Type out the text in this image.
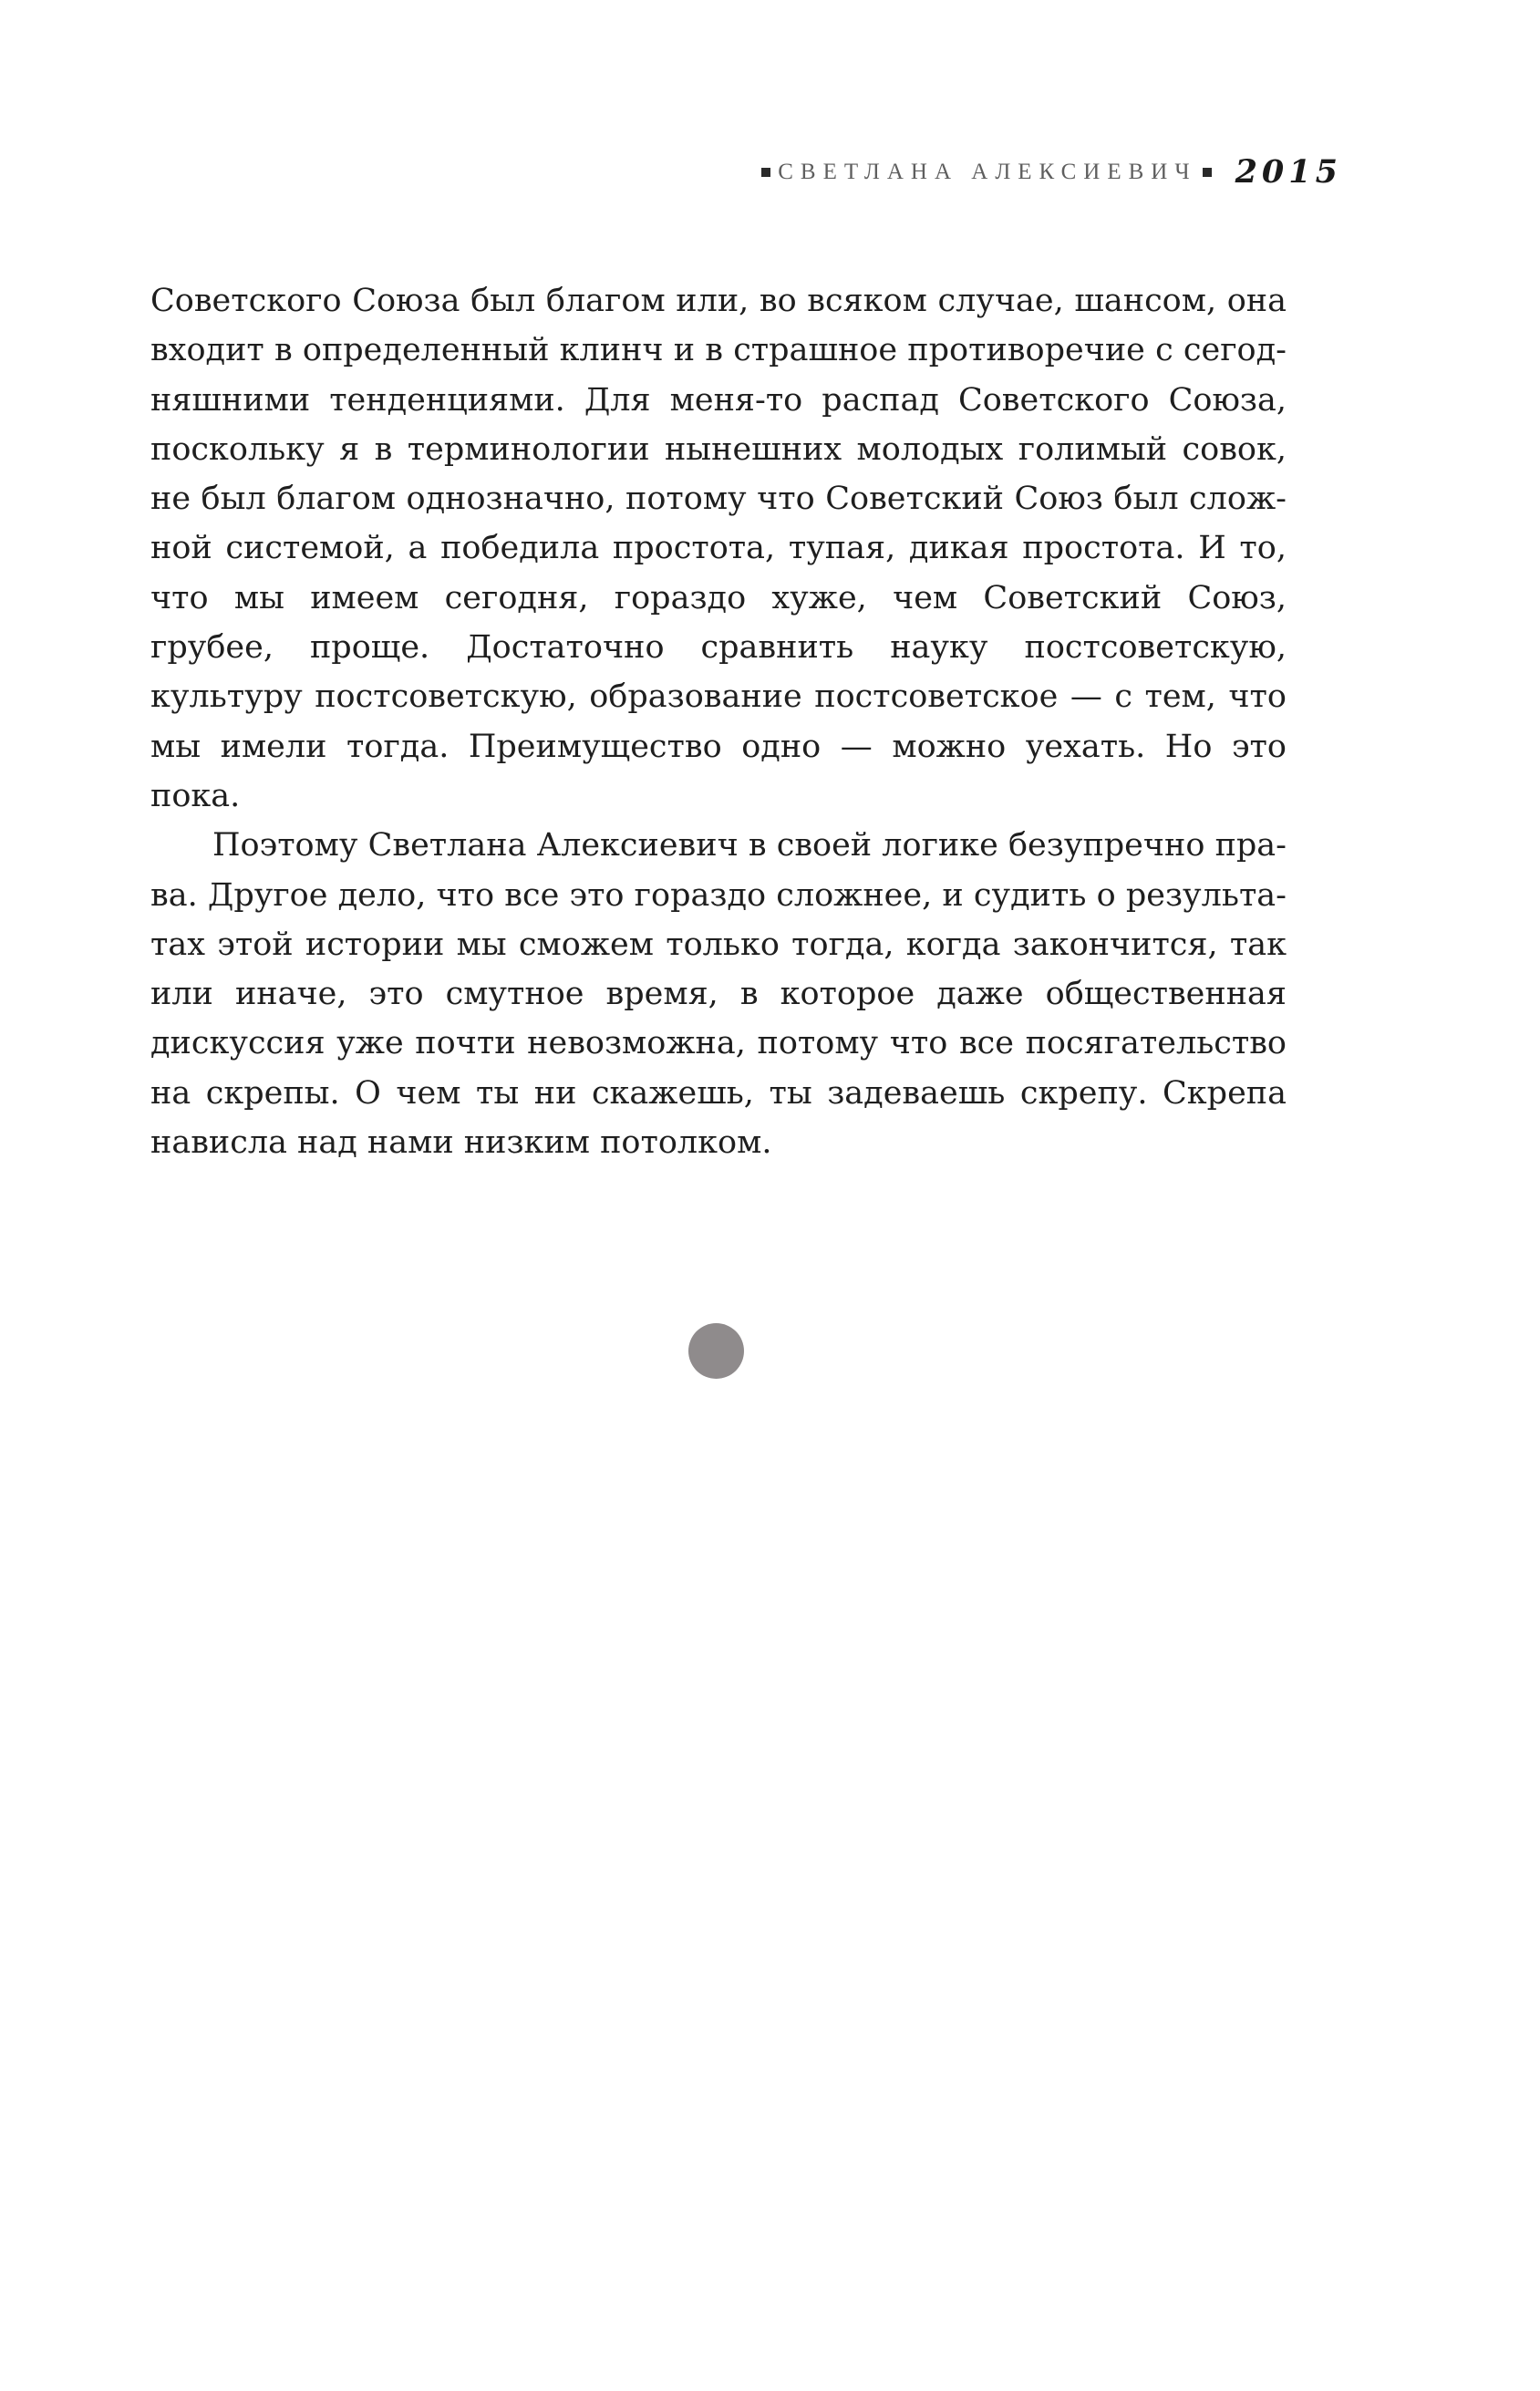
СВЕТЛАНА АЛЕКСИЕВИЧ 2015

Советского Союза был благом или, во всяком случае, шансом, она входит в определенный клинч и в страшное противоречие с сегодняшними тенденциями. Для меня-то распад Советского Союза, поскольку я в терминологии нынешних молодых голимый совок, не был благом однозначно, потому что Советский Союз был сложной системой, а победила простота, тупая, дикая простота. И то, что мы имеем сегодня, гораздо хуже, чем Советский Союз, грубее, проще. Достаточно сравнить науку постсоветскую, культуру постсоветскую, образование постсоветское — с тем, что мы имели тогда. Преимущество одно — можно уехать. Но это пока.

Поэтому Светлана Алексиевич в своей логике безупречно права. Другое дело, что все это гораздо сложнее, и судить о результатах этой истории мы сможем только тогда, когда закончится, так или иначе, это смутное время, в которое даже общественная дискуссия уже почти невозможна, потому что все посягательство на скрепы. О чем ты ни скажешь, ты задеваешь скрепу. Скрепа нависла над нами низким потолком.
